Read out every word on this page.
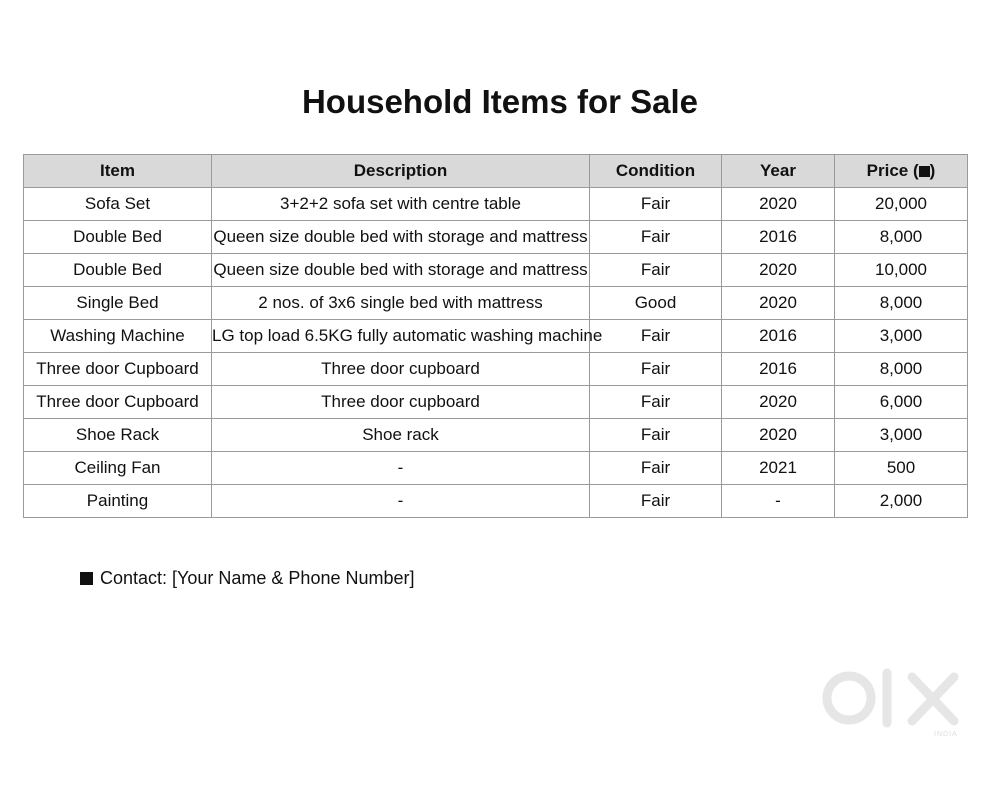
Household Items for Sale
Item	Description	Condition	Year	Price ( )
Sofa Set	3+2+2 sofa set with centre table	Fair	2020	20,000
Double Bed	Queen size double bed with storage and mattress	Fair	2016	8,000
Double Bed	Queen size double bed with storage and mattress	Fair	2020	10,000
Single Bed	2 nos. of 3x6 single bed with mattress	Good	2020	8,000
Washing Machine	LG top load 6.5KG fully automatic washing machine	Fair	2016	3,000
Three door Cupboard	Three door cupboard	Fair	2016	8,000
Three door Cupboard	Three door cupboard	Fair	2020	6,000
Shoe Rack	Shoe rack	Fair	2020	3,000
Ceiling Fan	-	Fair	2021	500
Painting	-	Fair	-	2,000
Contact: [Your Name & Phone Number]
INDIA
